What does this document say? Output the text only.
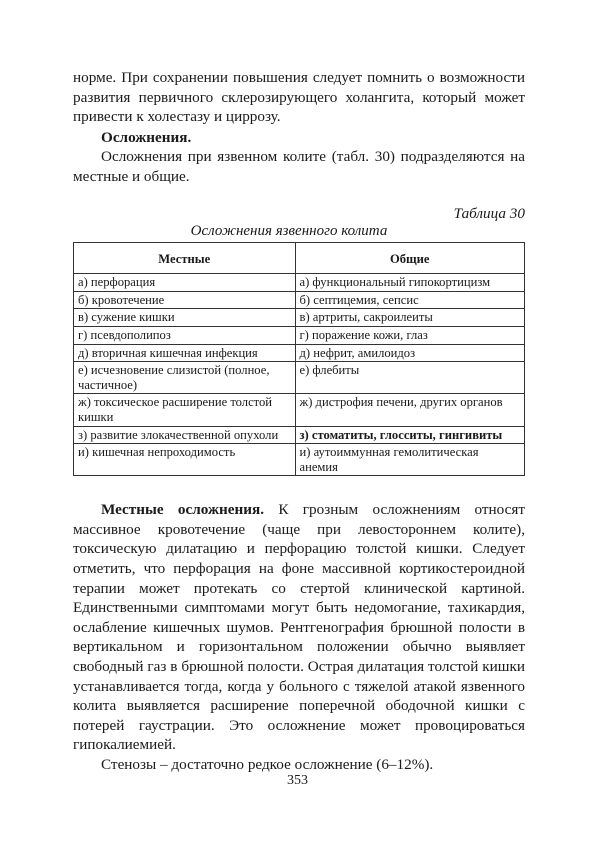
норме. При сохранении повышения следует помнить о возможности развития первичного склерозирующего холангита, который может привести к холестазу и циррозу.

Осложнения.

Осложнения при язвенном колите (табл. 30) подразделяются на местные и общие.

Таблица 30
Осложнения язвенного колита
Местные	Общие
а) перфорация	а) функциональный гипокортицизм
б) кровотечение	б) септицемия, сепсис
в) сужение кишки	в) артриты, сакроилеиты
г) псевдополипоз	г) поражение кожи, глаз
д) вторичная кишечная инфекция	д) нефрит, амилоидоз
е) исчезновение слизистой (полное, частичное)	е) флебиты
ж) токсическое расширение толстой кишки	ж) дистрофия печени, других органов
з) развитие злокачественной опухоли	з) стоматиты, глосситы, гингивиты
и) кишечная непроходимость	и) аутоиммунная гемолитическая анемия

Местные осложнения. К грозным осложнениям относят массивное кровотечение (чаще при левостороннем колите), токсическую дилатацию и перфорацию толстой кишки. Следует отметить, что перфорация на фоне массивной кортикостероидной терапии может протекать со стертой клинической картиной. Единственными симптомами могут быть недомогание, тахикардия, ослабление кишечных шумов. Рентгенография брюшной полости в вертикальном и горизонтальном положении обычно выявляет свободный газ в брюшной полости. Острая дилатация толстой кишки устанавливается тогда, когда у больного с тяжелой атакой язвенного колита выявляется расширение поперечной ободочной кишки с потерей гаустрации. Это осложнение может провоцироваться гипокалиемией.

Стенозы – достаточно редкое осложнение (6–12%).

353
